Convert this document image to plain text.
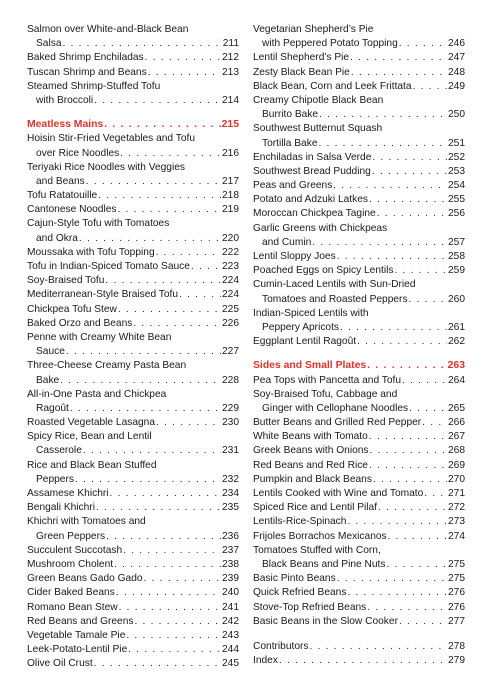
Salmon over White-and-Black Bean
Salsa . . .	211
Baked Shrimp Enchiladas . . .	212
Tuscan Shrimp and Beans . . .	213
Steamed Shrimp-Stuffed Tofu
with Broccoli . . .	214
Meatless Mains . . .	215
Hoisin Stir-Fried Vegetables and Tofu
over Rice Noodles . . .	216
Teriyaki Rice Noodles with Veggies
and Beans . . .	217
Tofu Ratatouille . . .	218
Cantonese Noodles . . .	219
Cajun-Style Tofu with Tomatoes
and Okra . . .	220
Moussaka with Tofu Topping . . .	222
Tofu in Indian-Spiced Tomato Sauce . . .	223
Soy-Braised Tofu . . .	224
Mediterranean-Style Braised Tofu . . .	224
Chickpea Tofu Stew . . .	225
Baked Orzo and Beans . . .	226
Penne with Creamy White Bean
Sauce . . .	227
Three-Cheese Creamy Pasta Bean
Bake . . .	228
All-in-One Pasta and Chickpea
Ragoût . . .	229
Roasted Vegetable Lasagna . . .	230
Spicy Rice, Bean and Lentil
Casserole . . .	231
Rice and Black Bean Stuffed
Peppers . . .	232
Assamese Khichri . . .	234
Bengali Khichri . . .	235
Khichri with Tomatoes and
Green Peppers . . .	236
Succulent Succotash . . .	237
Mushroom Cholent . . .	238
Green Beans Gado Gado . . .	239
Cider Baked Beans . . .	240
Romano Bean Stew . . .	241
Red Beans and Greens . . .	242
Vegetable Tamale Pie . . .	243
Leek-Potato-Lentil Pie . . .	244
Olive Oil Crust . . .	245
Vegetarian Shepherd’s Pie
with Peppered Potato Topping . . .	246
Lentil Shepherd’s Pie . . .	247
Zesty Black Bean Pie . . .	248
Black Bean, Corn and Leek Frittata . . .	249
Creamy Chipotle Black Bean
Burrito Bake . . .	250
Southwest Butternut Squash
Tortilla Bake . . .	251
Enchiladas in Salsa Verde . . .	252
Southwest Bread Pudding . . .	253
Peas and Greens . . .	254
Potato and Adzuki Latkes . . .	255
Moroccan Chickpea Tagine . . .	256
Garlic Greens with Chickpeas
and Cumin . . .	257
Lentil Sloppy Joes . . .	258
Poached Eggs on Spicy Lentils . . .	259
Cumin-Laced Lentils with Sun-Dried
Tomatoes and Roasted Peppers . . .	260
Indian-Spiced Lentils with
Peppery Apricots . . .	261
Eggplant Lentil Ragoût . . .	262
Sides and Small Plates . . .	263
Pea Tops with Pancetta and Tofu . . .	264
Soy-Braised Tofu, Cabbage and
Ginger with Cellophane Noodles . . .	265
Butter Beans and Grilled Red Pepper . . .	266
White Beans with Tomato . . .	267
Greek Beans with Onions . . .	268
Red Beans and Red Rice . . .	269
Pumpkin and Black Beans . . .	270
Lentils Cooked with Wine and Tomato . . . 271
Spiced Rice and Lentil Pilaf . . .	272
Lentils-Rice-Spinach . . .	273
Frijoles Borrachos Mexicanos . . .	274
Tomatoes Stuffed with Corn,
Black Beans and Pine Nuts . . .	275
Basic Pinto Beans . . .	275
Quick Refried Beans . . .	276
Stove-Top Refried Beans . . .	276
Basic Beans in the Slow Cooker . . .	277
Contributors . . .	278
Index . . .	279
